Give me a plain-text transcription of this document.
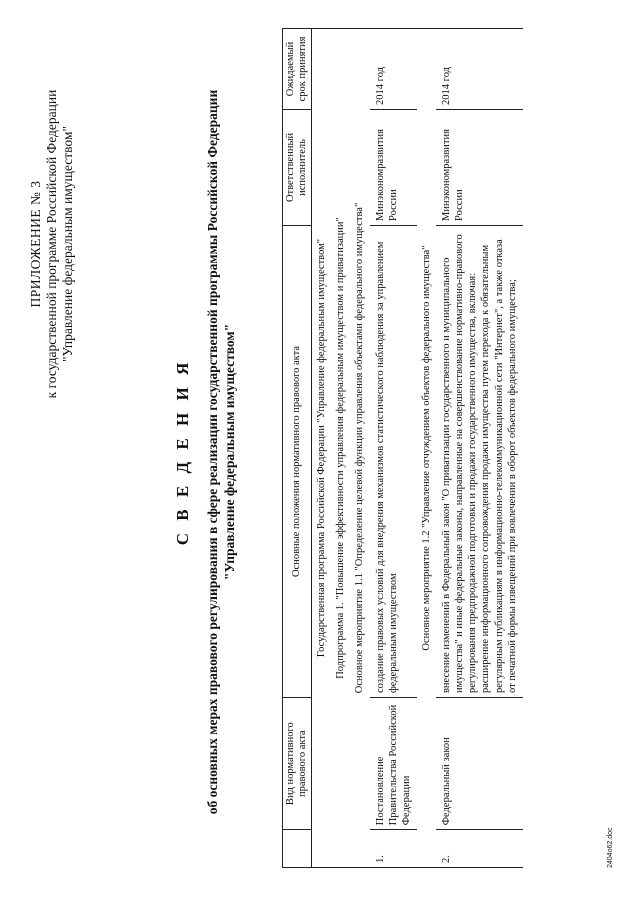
ПРИЛОЖЕНИЕ № 3 к государственной программе Российской Федерации "Управление федеральным имуществом"
С В Е Д Е Н И Я об основных мерах правового регулирования в сфере реализации государственной программы Российской Федерации "Управление федеральным имуществом"
	Вид нормативного правового акта	Основные положения нормативного правового акта	Ответственный исполнитель	Ожидаемый срок принятия
Государственная программа Российской Федерации "Управление федеральным имуществом"				
Подпрограмма 1. "Повышение эффективности управления федеральным имуществом и приватизации"				
Основное мероприятие 1.1 "Определение целевой функции управления объектами федерального имущества"				
1.	Постановление Правительства Российской Федерации	создание правовых условий для внедрения механизмов статистического наблюдения за управлением федеральным имуществом	Минэкономразвития России	2014 год
Основное мероприятие 1.2 "Управление отчуждением объектов федерального имущества"				
2.	Федеральный закон	внесение изменений в Федеральный закон "О приватизации государственного и муниципального имущества" и иные федеральные законы, направленные на совершенствование нормативно-правового регулирования предпродажной подготовки и продажи государственного имущества, включая: расширение информационного сопровождения продажи имущества путем перехода к обязательным регулярным публикациям в информационно-телекоммуникационной сети "Интернет", а также отказа от печатной формы извещений при вовлечении в оборот объектов федерального имущества;	Минэкономразвития России	2014 год
2404о62.doc
